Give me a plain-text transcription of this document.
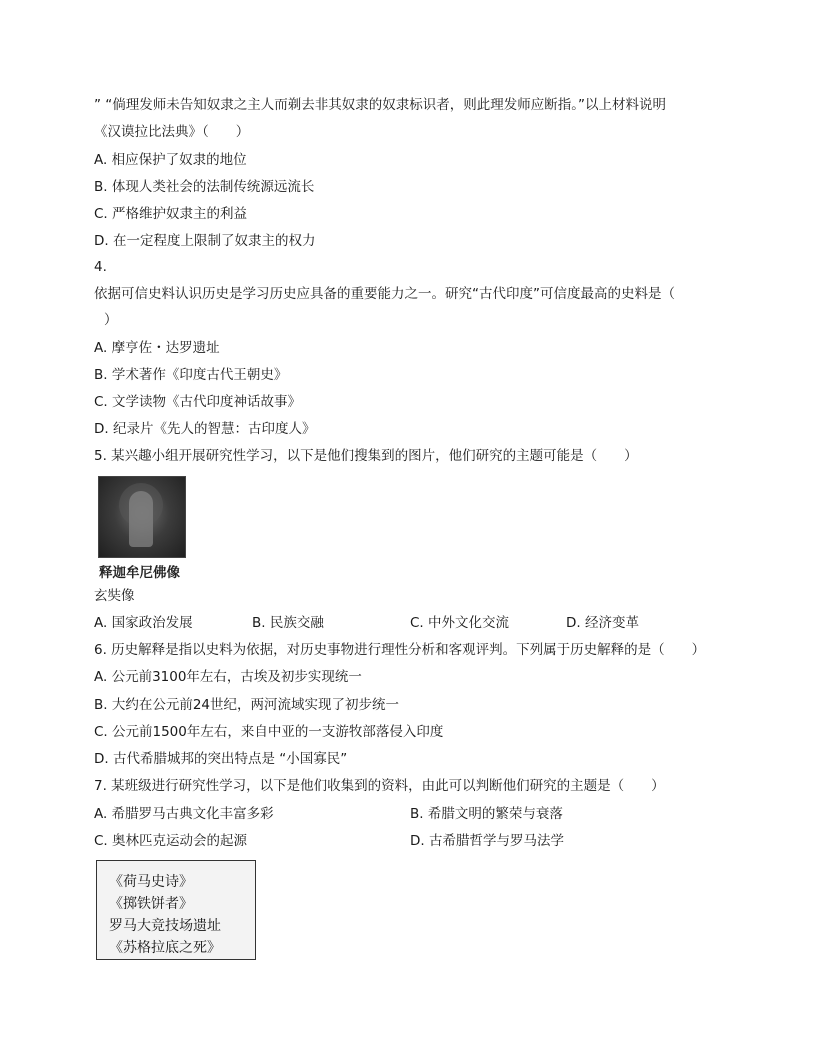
” “倘理发师未告知奴隶之主人而剃去非其奴隶的奴隶标识者，则此理发师应断指。”以上材料说明
《汉谟拉比法典》（　　）
A. 相应保护了奴隶的地位
B. 体现人类社会的法制传统源远流长
C. 严格维护奴隶主的利益
D. 在一定程度上限制了奴隶主的权力
4.
依据可信史料认识历史是学习历史应具备的重要能力之一。研究“古代印度”可信度最高的史料是（
）
A. 摩亨佐・达罗遗址
B. 学术著作《印度古代王朝史》
C. 文学读物《古代印度神话故事》
D. 纪录片《先人的智慧：古印度人》
5. 某兴趣小组开展研究性学习，以下是他们搜集到的图片，他们研究的主题可能是（　　）
释迦牟尼佛像
玄奘像
A. 国家政治发展	B. 民族交融	C. 中外文化交流	D. 经济变革
6. 历史解释是指以史料为依据，对历史事物进行理性分析和客观评判。下列属于历史解释的是（　　）
A. 公元前3100年左右，古埃及初步实现统一
B. 大约在公元前24世纪，两河流域实现了初步统一
C. 公元前1500年左右，来自中亚的一支游牧部落侵入印度
D. 古代希腊城邦的突出特点是 “小国寡民”
7. 某班级进行研究性学习，以下是他们收集到的资料，由此可以判断他们研究的主题是（　　）
A. 希腊罗马古典文化丰富多彩	B. 希腊文明的繁荣与衰落
C. 奥林匹克运动会的起源	D. 古希腊哲学与罗马法学
《荷马史诗》
《掷铁饼者》
罗马大竞技场遗址
《苏格拉底之死》
